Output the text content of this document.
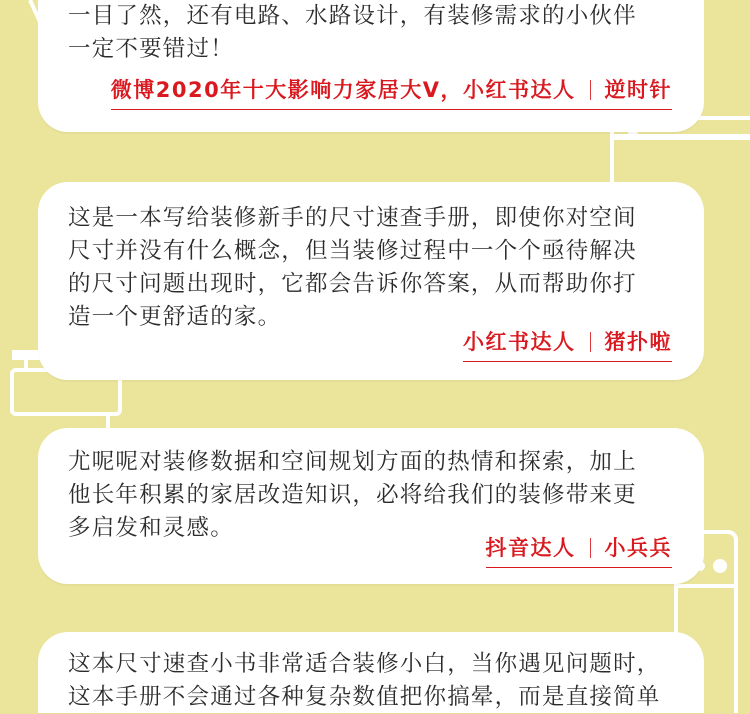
一目了然，还有电路、水路设计，有装修需求的小伙伴
一定不要错过！

微博2020年十大影响力家居大V，小红书达人 逆时针

这是一本写给装修新手的尺寸速查手册，即使你对空间
尺寸并没有什么概念，但当装修过程中一个个亟待解决
的尺寸问题出现时，它都会告诉你答案，从而帮助你打
造一个更舒适的家。

小红书达人 猪扑啦

尤呢呢对装修数据和空间规划方面的热情和探索，加上
他长年积累的家居改造知识，必将给我们的装修带来更
多启发和灵感。

抖音达人 小兵兵

这本尺寸速查小书非常适合装修小白，当你遇见问题时，
这本手册不会通过各种复杂数值把你搞晕，而是直接简单
